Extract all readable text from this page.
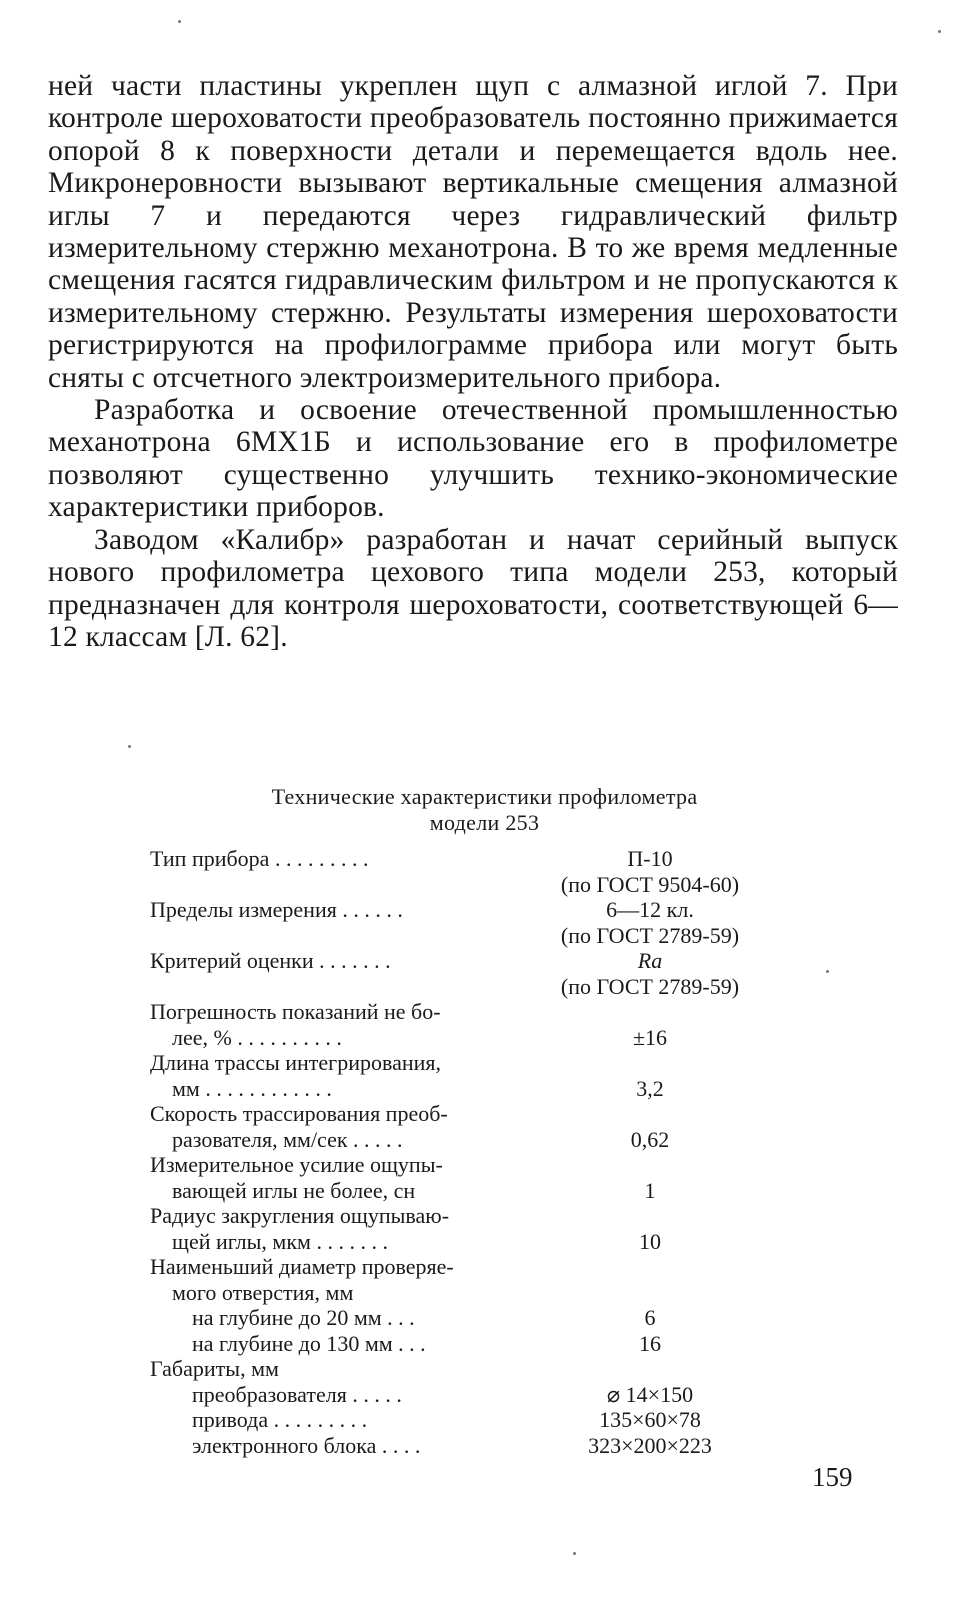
ней части пластины укреплен щуп с алмазной иглой 7. При контроле шероховатости преобразователь постоянно прижимается опорой 8 к поверхности детали и перемещается вдоль нее. Микронеровности вызывают вертикальные смещения алмазной иглы 7 и передаются через гидравлический фильтр измерительному стержню механотрона. В то же время медленные смещения гасятся гидравлическим фильтром и не пропускаются к измерительному стержню. Результаты измерения шероховатости регистрируются на профилограмме прибора или могут быть сняты с отсчетного электроизмерительного прибора.

Разработка и освоение отечественной промышленностью механотрона 6МХ1Б и использование его в профилометре позволяют существенно улучшить технико-экономические характеристики приборов.

Заводом «Калибр» разработан и начат серийный выпуск нового профилометра цехового типа модели 253, который предназначен для контроля шероховатости, соответствующей 6—12 классам [Л. 62].

Технические характеристики профилометра
модели 253
Тип прибора . . . . . . . . .
	П-10
(по ГОСТ 9504-60)
Пределы измерения . . . . . .
	6—12 кл.
(по ГОСТ 2789-59)
Критерий оценки . . . . . . .
	Ra
(по ГОСТ 2789-59)
Погрешность показаний не бо-
лее, % . . . . . . . . . .	±16
Длина трассы интегрирования,
мм . . . . . . . . . . . .	3,2
Скорость трассирования преоб-
разователя, мм/сек . . . . .	0,62
Измерительное усилие ощупы-
вающей иглы не более, сн	1
Радиус закругления ощупываю-
щей иглы, мкм . . . . . . .	10
Наименьший диаметр проверяе-
мого отверстия, мм
на глубине до 20 мм . . .	6
на глубине до 130 мм . . .	16
Габариты, мм
преобразователя . . . . .	⌀ 14×150
привода . . . . . . . . .	135×60×78
электронного блока . . . .	323×200×223
159
